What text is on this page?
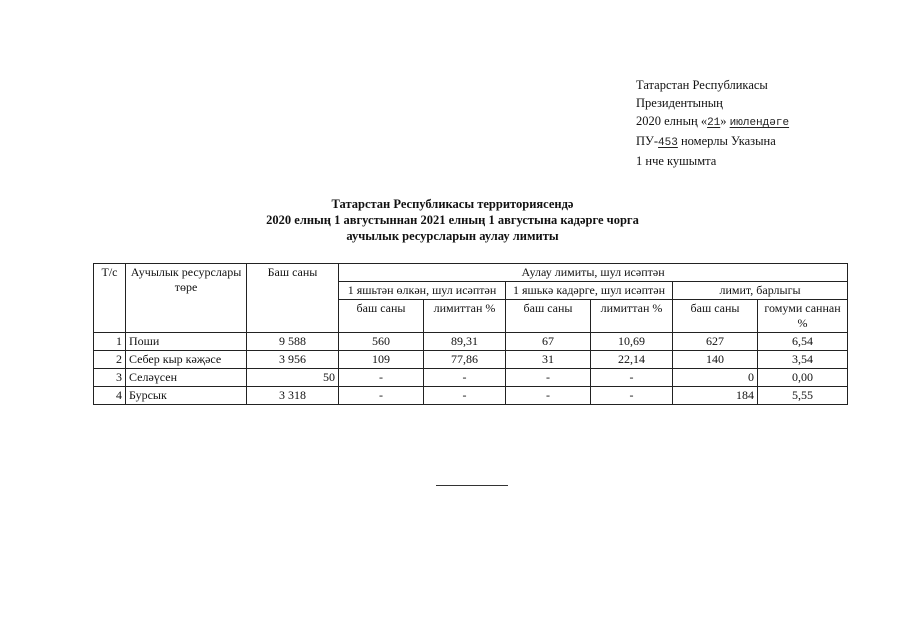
Татарстан Республикасы
Президентының
2020 елның «21» июлендәге
ПУ-453 номерлы Указына
1 нче кушымта
Татарстан Республикасы территориясендә
2020 елның 1 августыннан 2021 елның 1 августына кадәрге чорга
аучылык ресурсларын аулау лимиты
Т/с	Аучылык ресурслары төре	Баш саны	Аулау лимиты, шул исәптән					
			1 яшьтән өлкән, шул исәптән		1 яшькә кадәрге, шул исәптән		лимит, барлыгы	
			баш саны	лимиттан %	баш саны	лимиттан %	баш саны	гомуми саннан %
1	Поши	9 588	560	89,31	67	10,69	627	6,54
2	Себер кыр кәҗәсе	3 956	109	77,86	31	22,14	140	3,54
3	Селәүсен	50	-	-	-	-	0	0,00
4	Бурсык	3 318	-	-	-	-	184	5,55
